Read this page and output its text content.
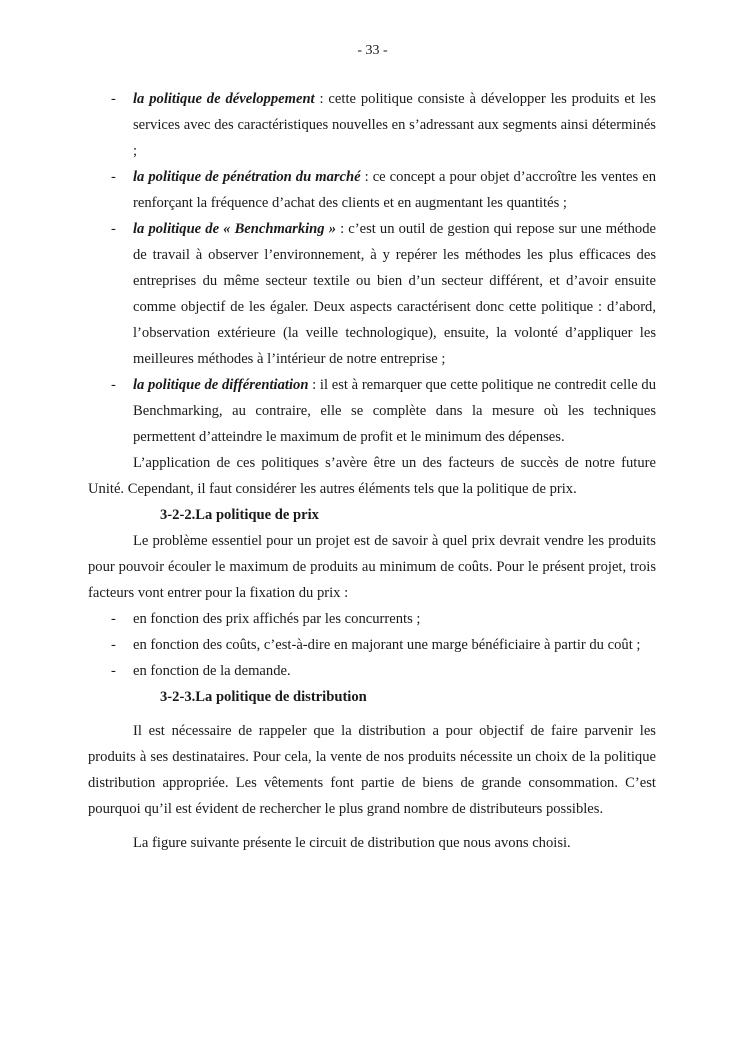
- 33 -
- la politique de développement : cette politique consiste à développer les produits et les services avec des caractéristiques nouvelles en s’adressant aux segments ainsi déterminés ;
- la politique de pénétration du marché : ce concept a pour objet d’accroître les ventes en renforçant la fréquence d’achat des clients et en augmentant les quantités ;
- la politique de « Benchmarking » : c’est un outil de gestion qui repose sur une méthode de travail à observer l’environnement, à y repérer les méthodes les plus efficaces des entreprises du même secteur textile ou bien d’un secteur différent, et d’avoir ensuite comme objectif de les égaler. Deux aspects caractérisent donc cette politique : d’abord, l’observation extérieure (la veille technologique), ensuite, la volonté d’appliquer les meilleures méthodes à l’intérieur de notre entreprise ;
- la politique de différentiation : il est à remarquer que cette politique ne contredit celle du Benchmarking, au contraire, elle se complète dans la mesure où les techniques permettent d’atteindre le maximum de profit et le minimum des dépenses.

L’application de ces politiques s’avère être un des facteurs de succès de notre future Unité. Cependant, il faut considérer les autres éléments tels que la politique de prix.

3-2-2.La politique de prix

Le problème essentiel pour un projet est de savoir à quel prix devrait vendre les produits pour pouvoir écouler le maximum de produits au minimum de coûts. Pour le présent projet, trois facteurs vont entrer pour la fixation du prix :

- en fonction des prix affichés par les concurrents ;
- en fonction des coûts, c’est-à-dire en majorant une marge bénéficiaire à partir du coût ;
- en fonction de la demande.
3-2-3.La politique de distribution

Il est nécessaire de rappeler que la distribution a pour objectif de faire parvenir les produits à ses destinataires. Pour cela, la vente de nos produits nécessite un choix de la politique distribution appropriée. Les vêtements font partie de biens de grande consommation. C’est pourquoi qu’il est évident de rechercher le plus grand nombre de distributeurs possibles.

La figure suivante présente le circuit de distribution que nous avons choisi.
